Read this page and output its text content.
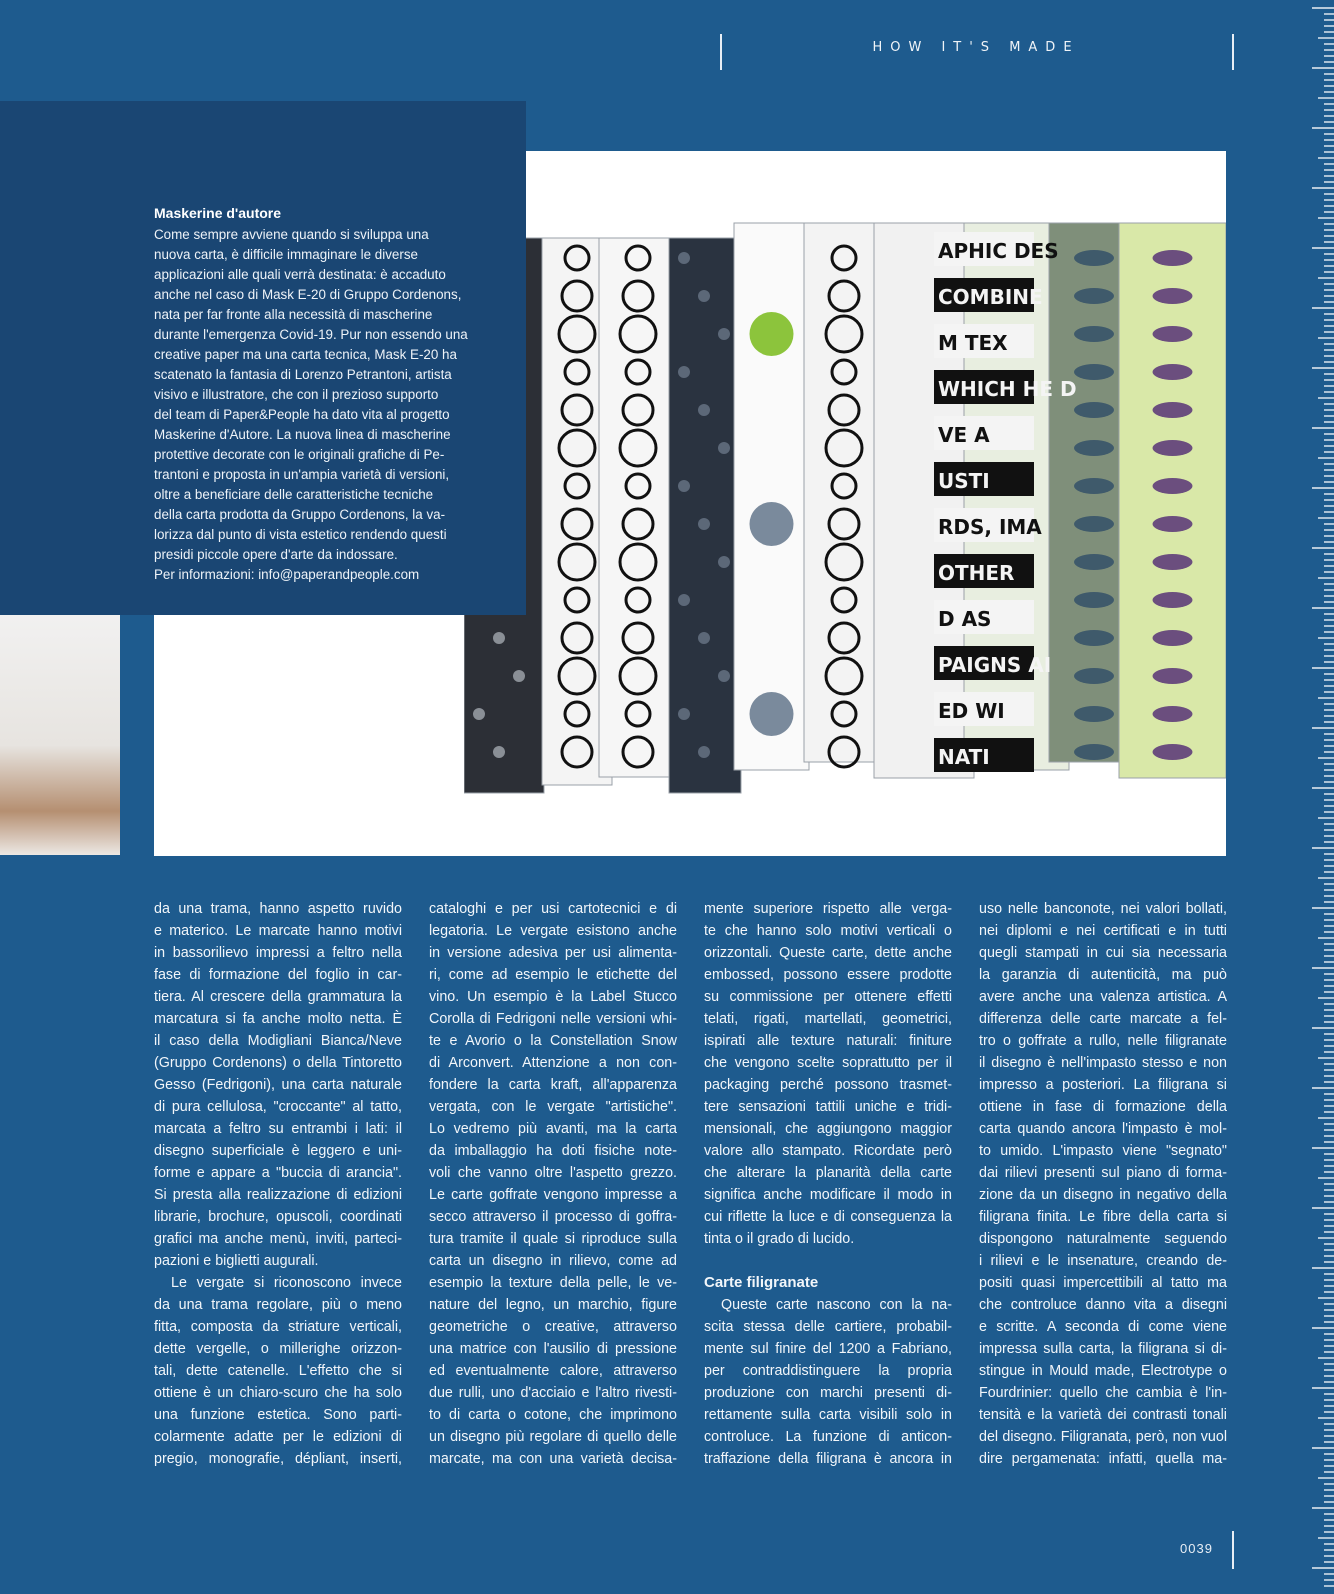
HOW IT'S MADE
APHIC DES
COMBINE
M TEX
WHICH HE D
VE A
USTI
RDS, IMA
OTHER
D AS
PAIGNS AI
ED WI
NATI
Maskerine d'autore
Come sempre avviene quando si sviluppa una
nuova carta, è difficile immaginare le diverse
applicazioni alle quali verrà destinata: è accaduto
anche nel caso di Mask E-20 di Gruppo Cordenons,
nata per far fronte alla necessità di mascherine
durante l'emergenza Covid-19. Pur non essendo una
creative paper ma una carta tecnica, Mask E-20 ha
scatenato la fantasia di Lorenzo Petrantoni, artista
visivo e illustratore, che con il prezioso supporto
del team di Paper&People ha dato vita al progetto
Maskerine d'Autore. La nuova linea di mascherine
protettive decorate con le originali grafiche di Pe-
trantoni e proposta in un'ampia varietà di versioni,
oltre a beneficiare delle caratteristiche tecniche
della carta prodotta da Gruppo Cordenons, la va-
lorizza dal punto di vista estetico rendendo questi
presidi piccole opere d'arte da indossare.
Per informazioni: info@paperandpeople.com
da una trama, hanno aspetto ruvido
e materico. Le marcate hanno motivi
in bassorilievo impressi a feltro nella
fase di formazione del foglio in car-
tiera. Al crescere della grammatura la
marcatura si fa anche molto netta. È
il caso della Modigliani Bianca/Neve
(Gruppo Cordenons) o della Tintoretto
Gesso (Fedrigoni), una carta naturale
di pura cellulosa, "croccante" al tatto,
marcata a feltro su entrambi i lati: il
disegno superficiale è leggero e uni-
forme e appare a "buccia di arancia".
Si presta alla realizzazione di edizioni
librarie, brochure, opuscoli, coordinati
grafici ma anche menù, inviti, parteci-
pazioni e biglietti augurali.
Le vergate si riconoscono invece
da una trama regolare, più o meno
fitta, composta da striature verticali,
dette vergelle, o millerighe orizzon-
tali, dette catenelle. L'effetto che si
ottiene è un chiaro-scuro che ha solo
una funzione estetica. Sono parti-
colarmente adatte per le edizioni di
pregio, monografie, dépliant, inserti,
cataloghi e per usi cartotecnici e di
legatoria. Le vergate esistono anche
in versione adesiva per usi alimenta-
ri, come ad esempio le etichette del
vino. Un esempio è la Label Stucco
Corolla di Fedrigoni nelle versioni whi-
te e Avorio o la Constellation Snow
di Arconvert. Attenzione a non con-
fondere la carta kraft, all'apparenza
vergata, con le vergate "artistiche".
Lo vedremo più avanti, ma la carta
da imballaggio ha doti fisiche note-
voli che vanno oltre l'aspetto grezzo.
Le carte goffrate vengono impresse a
secco attraverso il processo di goffra-
tura tramite il quale si riproduce sulla
carta un disegno in rilievo, come ad
esempio la texture della pelle, le ve-
nature del legno, un marchio, figure
geometriche o creative, attraverso
una matrice con l'ausilio di pressione
ed eventualmente calore, attraverso
due rulli, uno d'acciaio e l'altro rivesti-
to di carta o cotone, che imprimono
un disegno più regolare di quello delle
marcate, ma con una varietà decisa-
mente superiore rispetto alle verga-
te che hanno solo motivi verticali o
orizzontali. Queste carte, dette anche
embossed, possono essere prodotte
su commissione per ottenere effetti
telati, rigati, martellati, geometrici,
ispirati alle texture naturali: finiture
che vengono scelte soprattutto per il
packaging perché possono trasmet-
tere sensazioni tattili uniche e tridi-
mensionali, che aggiungono maggior
valore allo stampato. Ricordate però
che alterare la planarità della carte
significa anche modificare il modo in
cui riflette la luce e di conseguenza la
tinta o il grado di lucido.
Carte filigranate
Queste carte nascono con la na-
scita stessa delle cartiere, probabil-
mente sul finire del 1200 a Fabriano,
per contraddistinguere la propria
produzione con marchi presenti di-
rettamente sulla carta visibili solo in
controluce. La funzione di anticon-
traffazione della filigrana è ancora in
uso nelle banconote, nei valori bollati,
nei diplomi e nei certificati e in tutti
quegli stampati in cui sia necessaria
la garanzia di autenticità, ma può
avere anche una valenza artistica. A
differenza delle carte marcate a fel-
tro o goffrate a rullo, nelle filigranate
il disegno è nell'impasto stesso e non
impresso a posteriori. La filigrana si
ottiene in fase di formazione della
carta quando ancora l'impasto è mol-
to umido. L'impasto viene "segnato"
dai rilievi presenti sul piano di forma-
zione da un disegno in negativo della
filigrana finita. Le fibre della carta si
dispongono naturalmente seguendo
i rilievi e le insenature, creando de-
positi quasi impercettibili al tatto ma
che controluce danno vita a disegni
e scritte. A seconda di come viene
impressa sulla carta, la filigrana si di-
stingue in Mould made, Electrotype o
Fourdrinier: quello che cambia è l'in-
tensità e la varietà dei contrasti tonali
del disegno. Filigranata, però, non vuol
dire pergamenata: infatti, quella ma-
0039
